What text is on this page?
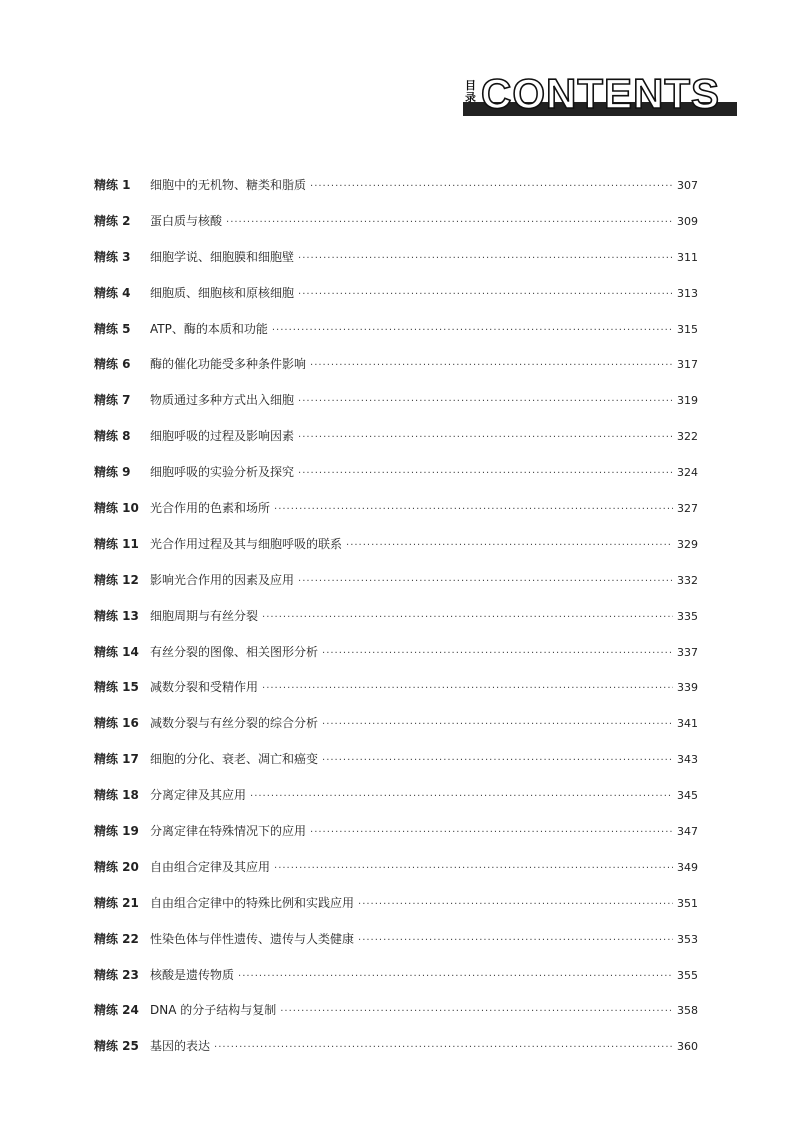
目录 CONTENTS
精练 1	细胞中的无机物、糖类和脂质 ·····	307
精练 2	蛋白质与核酸 ·····	309
精练 3	细胞学说、细胞膜和细胞壁 ·····	311
精练 4	细胞质、细胞核和原核细胞 ·····	313
精练 5	ATP、酶的本质和功能 ·····	315
精练 6	酶的催化功能受多种条件影响 ·····	317
精练 7	物质通过多种方式出入细胞 ·····	319
精练 8	细胞呼吸的过程及影响因素 ·····	322
精练 9	细胞呼吸的实验分析及探究 ·····	324
精练 10 光合作用的色素和场所 ·····	327
精练 11 光合作用过程及其与细胞呼吸的联系 ·····	329
精练 12 影响光合作用的因素及应用 ·····	332
精练 13 细胞周期与有丝分裂 ·····	335
精练 14 有丝分裂的图像、相关图形分析 ·····	337
精练 15 减数分裂和受精作用 ·····	339
精练 16 减数分裂与有丝分裂的综合分析 ·····	341
精练 17 细胞的分化、衰老、凋亡和癌变 ·····	343
精练 18 分离定律及其应用 ·····	345
精练 19 分离定律在特殊情况下的应用 ·····	347
精练 20 自由组合定律及其应用 ·····	349
精练 21 自由组合定律中的特殊比例和实践应用 ·····	351
精练 22 性染色体与伴性遗传、遗传与人类健康 ·····	353
精练 23 核酸是遗传物质 ·····	355
精练 24 DNA 的分子结构与复制 ·····	358
精练 25 基因的表达 ·····	360
